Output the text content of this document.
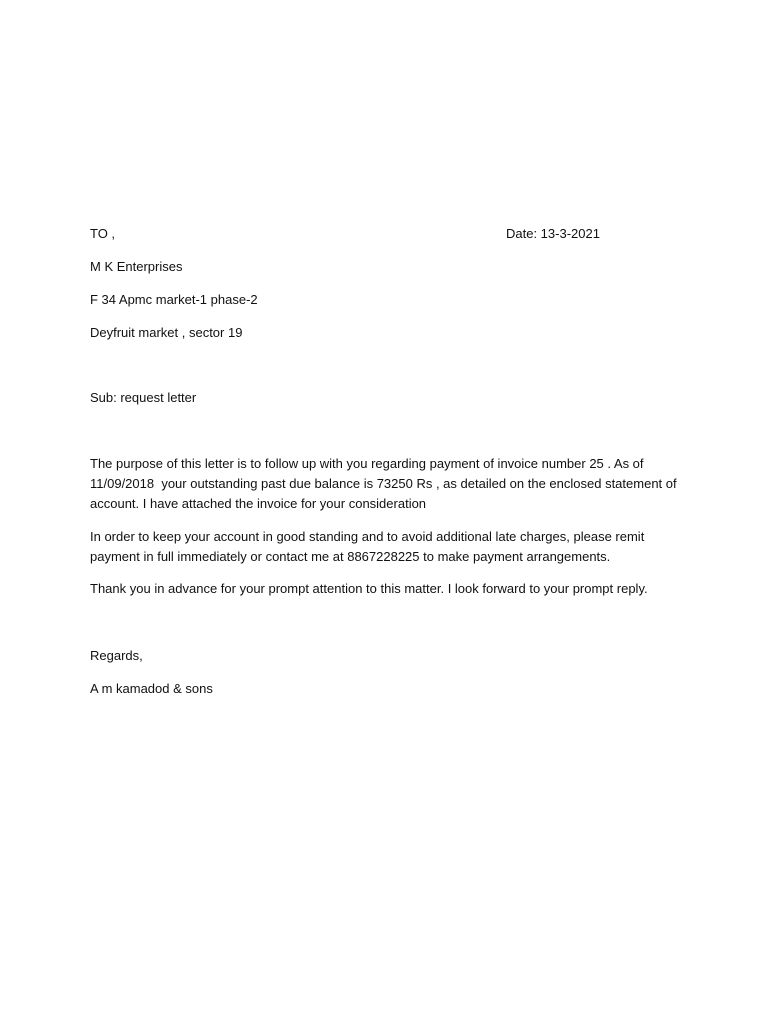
TO ,	Date: 13-3-2021
M K Enterprises
F 34 Apmc market-1 phase-2
Deyfruit market , sector 19
Sub: request letter
The purpose of this letter is to follow up with you regarding payment of invoice number 25 . As of
11/09/2018  your outstanding past due balance is 73250 Rs , as detailed on the enclosed statement of
account. I have attached the invoice for your consideration
In order to keep your account in good standing and to avoid additional late charges, please remit
payment in full immediately or contact me at 8867228225 to make payment arrangements.
Thank you in advance for your prompt attention to this matter. I look forward to your prompt reply.
Regards,
A m kamadod & sons
